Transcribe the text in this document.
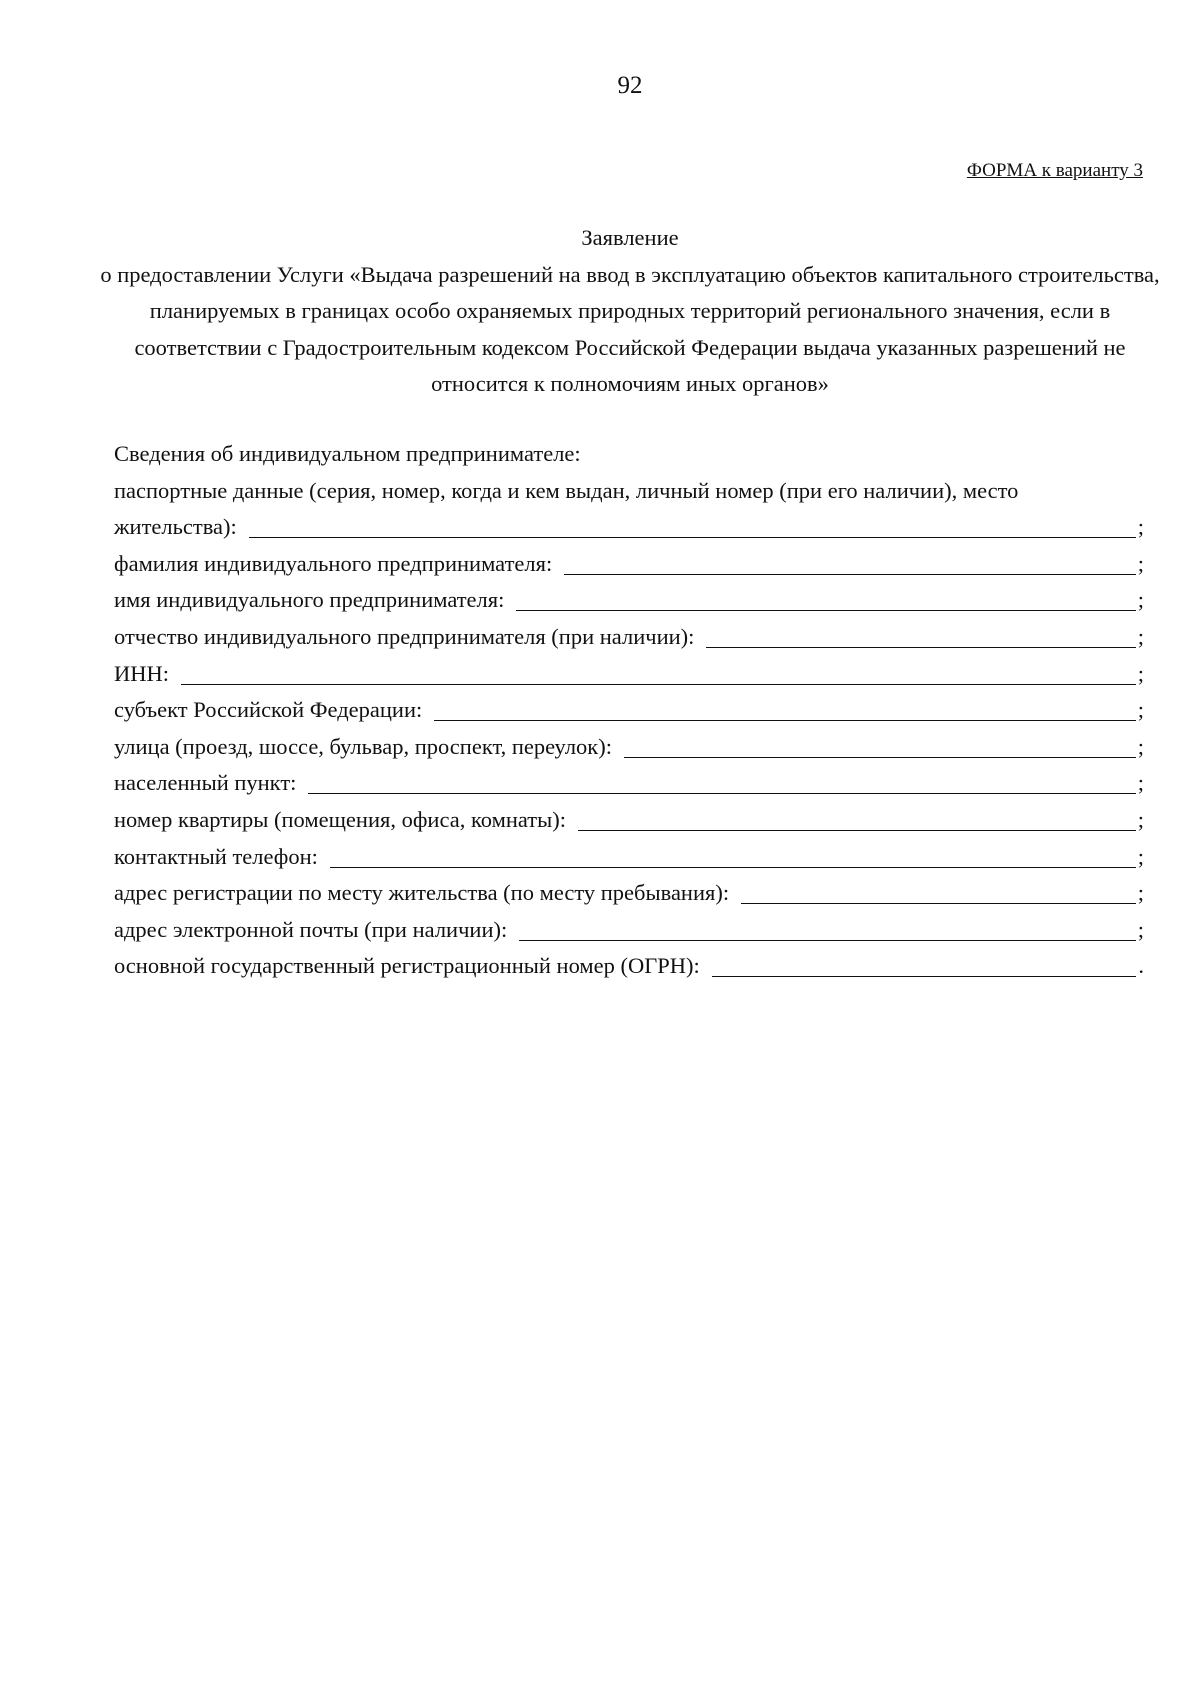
92
ФОРМА к варианту 3
Заявление
о предоставлении Услуги «Выдача разрешений на ввод в эксплуатацию объектов капитального строительства, планируемых в границах особо охраняемых природных территорий регионального значения, если в соответствии с Градостроительным кодексом Российской Федерации выдача указанных разрешений не относится к полномочиям иных органов»
Сведения об индивидуальном предпринимателе:
паспортные данные (серия, номер, когда и кем выдан, личный номер (при его наличии), место
жительства):	;
фамилия индивидуального предпринимателя:	;
имя индивидуального предпринимателя:	;
отчество индивидуального предпринимателя (при наличии):	;
ИНН:	;
субъект Российской Федерации:	;
улица (проезд, шоссе, бульвар, проспект, переулок):	;
населенный пункт:	;
номер квартиры (помещения, офиса, комнаты):	;
контактный телефон:	;
адрес регистрации по месту жительства (по месту пребывания):	;
адрес электронной почты (при наличии):	;
основной государственный регистрационный номер (ОГРН):	.
